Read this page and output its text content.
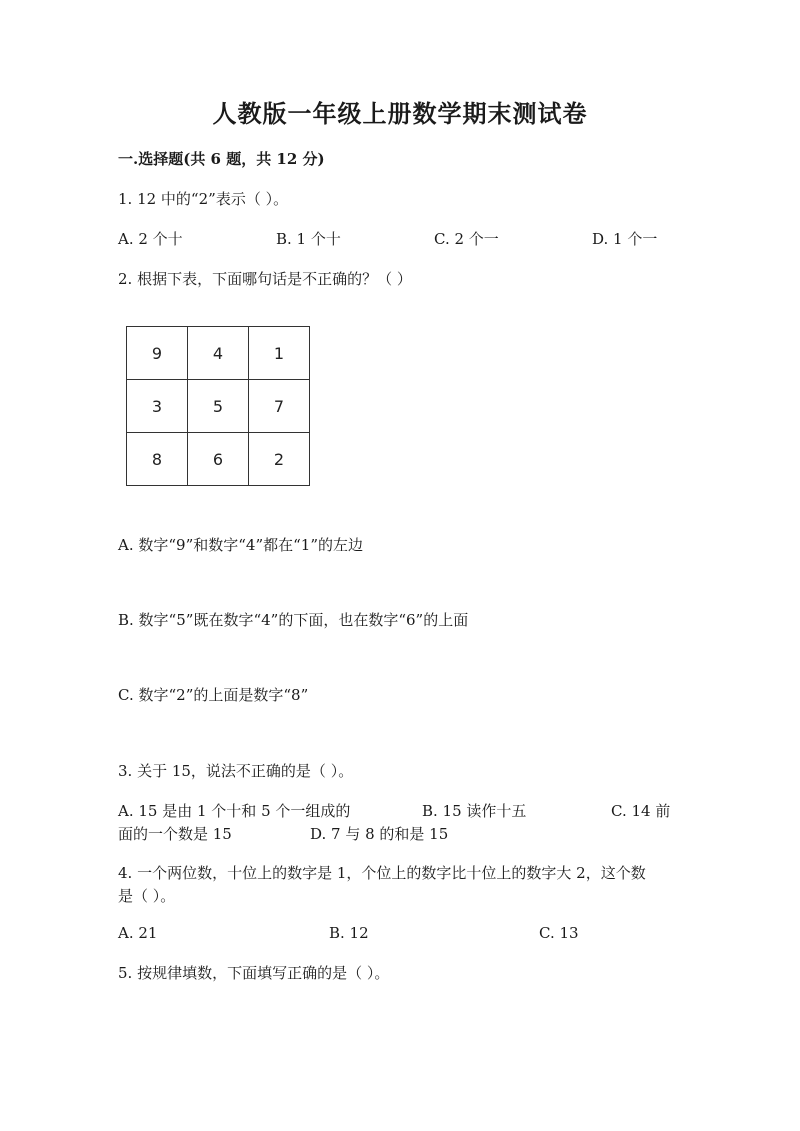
人教版一年级上册数学期末测试卷
一.选择题(共 6 题，共 12 分)
1. 12 中的“2”表示（ ）。
A. 2 个十	B. 1 个十	C. 2 个一	D. 1 个一
2. 根据下表，下面哪句话是不正确的？（ ）
9	4	1
3	5	7
8	6	2
A. 数字“9”和数字“4”都在“1”的左边
B. 数字“5”既在数字“4”的下面，也在数字“6”的上面
C. 数字“2”的上面是数字“8”
3. 关于 15，说法不正确的是（ ）。
A. 15 是由 1 个十和 5 个一组成的	B. 15 读作十五	C. 14 前
面的一个数是 15	D. 7 与 8 的和是 15
4. 一个两位数，十位上的数字是 1，个位上的数字比十位上的数字大 2，这个数
是（ ）。
A. 21	B. 12	C. 13
5. 按规律填数，下面填写正确的是（ ）。
